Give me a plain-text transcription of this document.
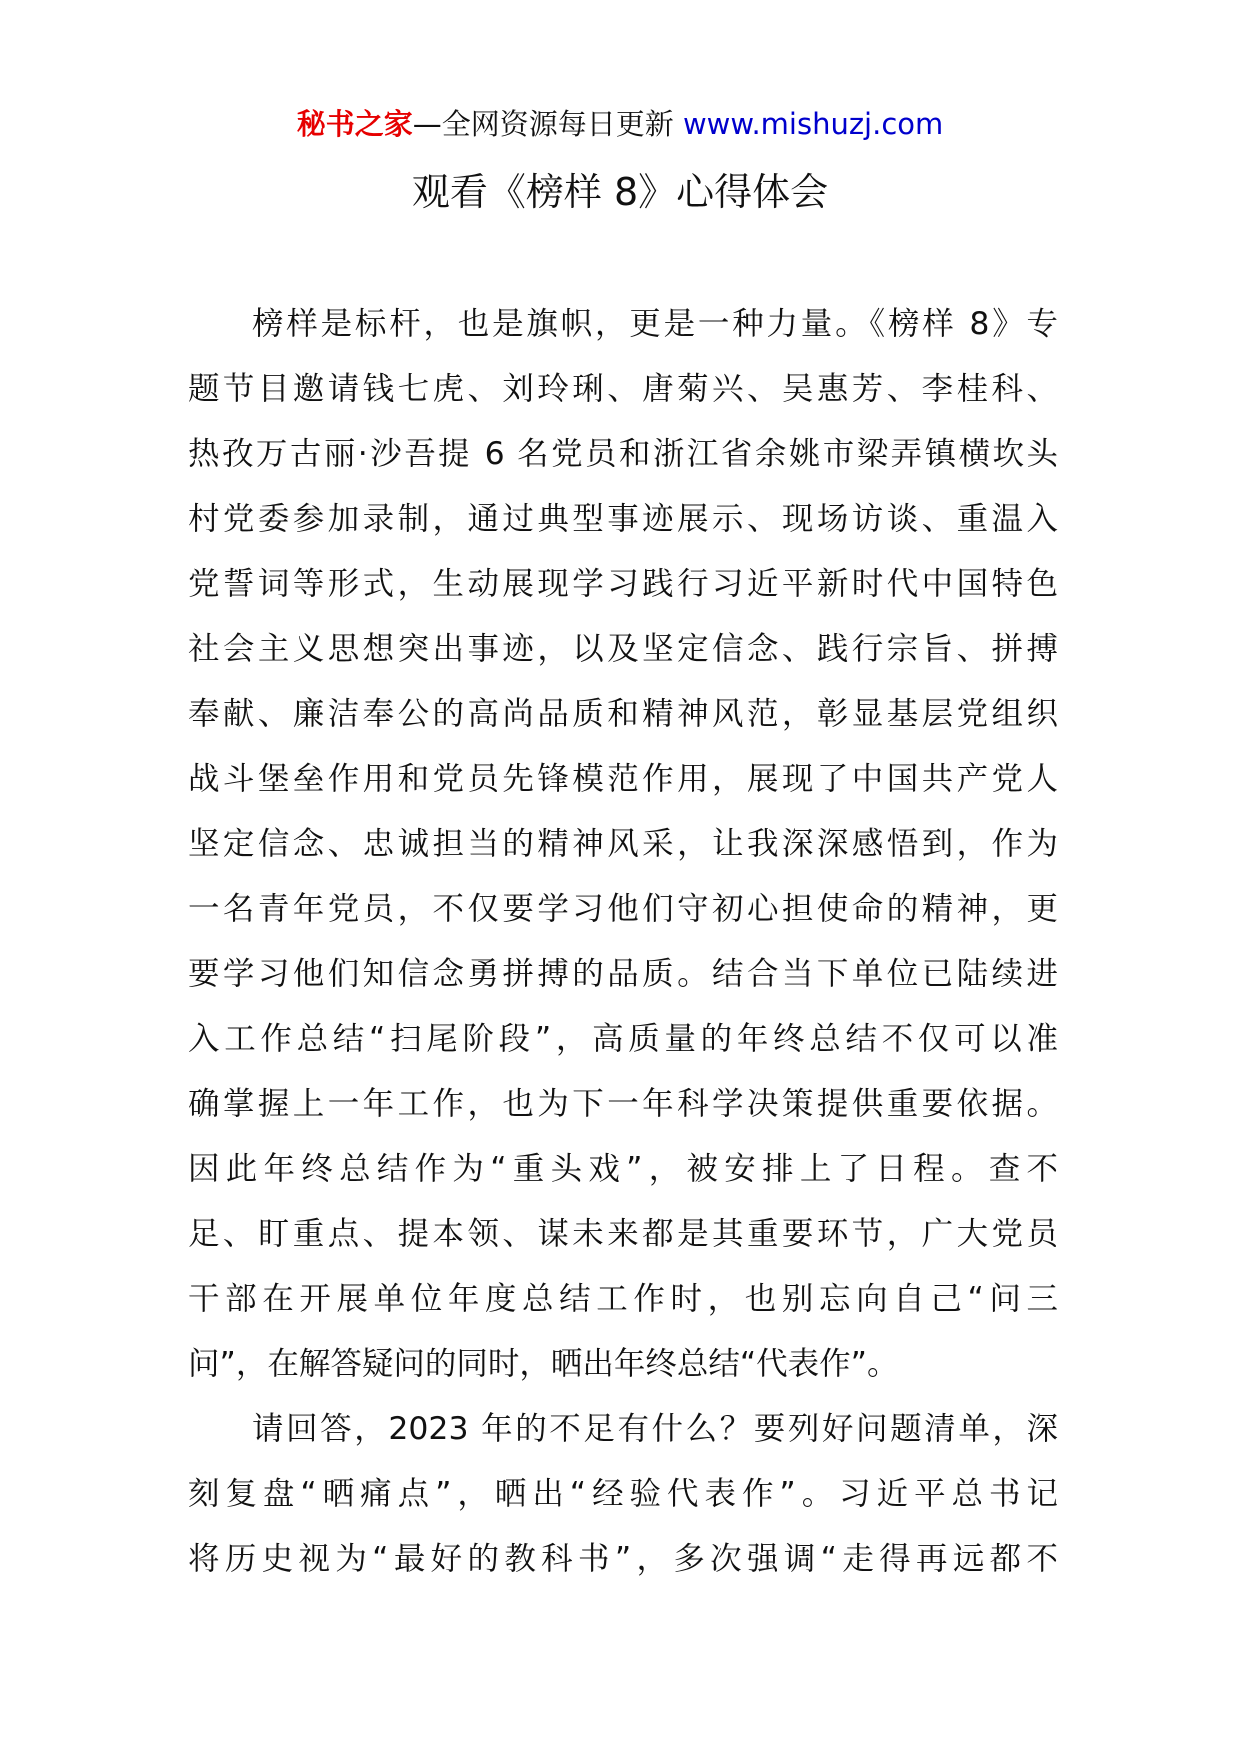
秘书之家—全网资源每日更新 www.mishuzj.com
观看《榜样 8》心得体会
榜样是标杆，也是旗帜，更是一种力量。《榜样 8》专
题节目邀请钱七虎、刘玲琍、唐菊兴、吴惠芳、李桂科、
热孜万古丽·沙吾提 6 名党员和浙江省余姚市梁弄镇横坎头
村党委参加录制，通过典型事迹展示、现场访谈、重温入
党誓词等形式，生动展现学习践行习近平新时代中国特色
社会主义思想突出事迹，以及坚定信念、践行宗旨、拼搏
奉献、廉洁奉公的高尚品质和精神风范，彰显基层党组织
战斗堡垒作用和党员先锋模范作用，展现了中国共产党人
坚定信念、忠诚担当的精神风采，让我深深感悟到，作为
一名青年党员，不仅要学习他们守初心担使命的精神，更
要学习他们知信念勇拼搏的品质。结合当下单位已陆续进
入工作总结“扫尾阶段”，高质量的年终总结不仅可以准
确掌握上一年工作，也为下一年科学决策提供重要依据。
因此年终总结作为“重头戏”，被安排上了日程。查不
足、盯重点、提本领、谋未来都是其重要环节，广大党员
干部在开展单位年度总结工作时，也别忘向自己“问三
问”，在解答疑问的同时，晒出年终总结“代表作”。
请回答，2023 年的不足有什么？要列好问题清单，深
刻复盘“晒痛点”，晒出“经验代表作”。习近平总书记
将历史视为“最好的教科书”，多次强调“走得再远都不
